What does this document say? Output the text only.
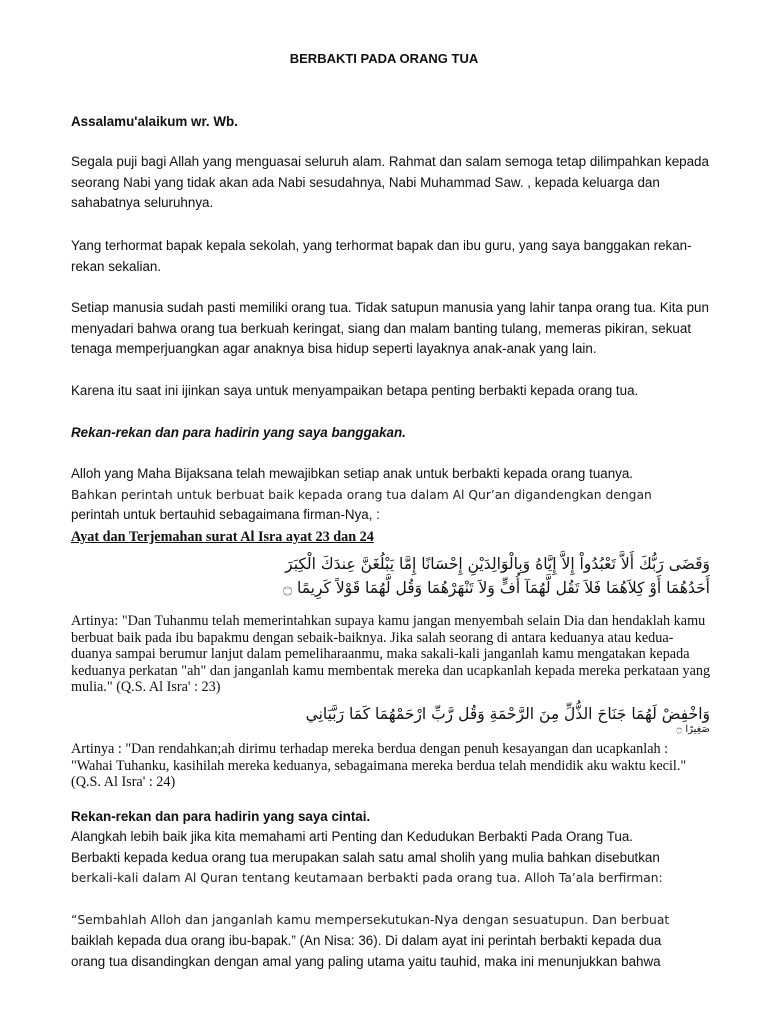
BERBAKTI PADA ORANG TUA

Assalamu'alaikum wr. Wb.

Segala puji bagi Allah yang menguasai seluruh alam. Rahmat dan salam semoga tetap dilimpahkan kepada seorang Nabi yang tidak akan ada Nabi sesudahnya, Nabi Muhammad Saw. , kepada keluarga dan sahabatnya seluruhnya.

Yang terhormat bapak kepala sekolah, yang terhormat bapak dan ibu guru, yang saya banggakan rekan-rekan sekalian.

Setiap manusia sudah pasti memiliki orang tua. Tidak satupun manusia yang lahir tanpa orang tua. Kita pun menyadari bahwa orang tua berkuah keringat, siang dan malam banting tulang, memeras pikiran, sekuat tenaga memperjuangkan agar anaknya bisa hidup seperti layaknya anak-anak yang lain.

Karena itu saat ini ijinkan saya untuk menyampaikan betapa penting berbakti kepada orang tua.

Rekan-rekan dan para hadirin yang saya banggakan.

Alloh yang Maha Bijaksana telah mewajibkan setiap anak untuk berbakti kepada orang tuanya.

Bahkan perintah untuk berbuat baik kepada orang tua dalam Al Qur’an digandengkan dengan

perintah untuk bertauhid sebagaimana firman-Nya, :

Ayat dan Terjemahan surat Al Isra ayat 23 dan 24

وَقَضَى رَبُّكَ أَلاَّ تَعْبُدُواْ إِلاَّ إِيَّاهُ وَبِالْوَالِدَيْنِ إِحْسَانًا إِمَّا يَبْلُغَنَّ عِندَكَ الْكِبَرَ
أَحَدُهُمَا أَوْ كِلاَهُمَا فَلاَ تَقُل لَّهُمَآ أُفٍّ وَلاَ تَنْهَرْهُمَا وَقُل لَّهُمَا قَوْلاً كَرِيمًا ۝

Artinya: "Dan Tuhanmu telah memerintahkan supaya kamu jangan menyembah selain Dia dan hendaklah kamu berbuat baik pada ibu bapakmu dengan sebaik-baiknya. Jika salah seorang di antara keduanya atau kedua-duanya sampai berumur lanjut dalam pemeliharaanmu, maka sakali-kali janganlah kamu mengatakan kepada keduanya perkatan "ah" dan janganlah kamu membentak mereka dan ucapkanlah kepada mereka perkataan yang mulia." (Q.S. Al Isra' : 23)

وَاخْفِضْ لَهُمَا جَنَاحَ الذُّلِّ مِنَ الرَّحْمَةِ وَقُل رَّبِّ ارْحَمْهُمَا كَمَا رَبَّيَانِي
صَغِيرًا ۝

Artinya : "Dan rendahkan;ah dirimu terhadap mereka berdua dengan penuh kesayangan dan ucapkanlah : "Wahai Tuhanku, kasihilah mereka keduanya, sebagaimana mereka berdua telah mendidik aku waktu kecil." (Q.S. Al Isra' : 24)

Rekan-rekan dan para hadirin yang saya cintai.

Alangkah lebih baik jika kita memahami arti Penting dan Kedudukan Berbakti Pada Orang Tua.

Berbakti kepada kedua orang tua merupakan salah satu amal sholih yang mulia bahkan disebutkan

berkali-kali dalam Al Quran tentang keutamaan berbakti pada orang tua. Alloh Ta’ala berfirman:

“Sembahlah Alloh dan janganlah kamu mempersekutukan-Nya dengan sesuatupun. Dan berbuat

baiklah kepada dua orang ibu-bapak.” (An Nisa: 36). Di dalam ayat ini perintah berbakti kepada dua

orang tua disandingkan dengan amal yang paling utama yaitu tauhid, maka ini menunjukkan bahwa
